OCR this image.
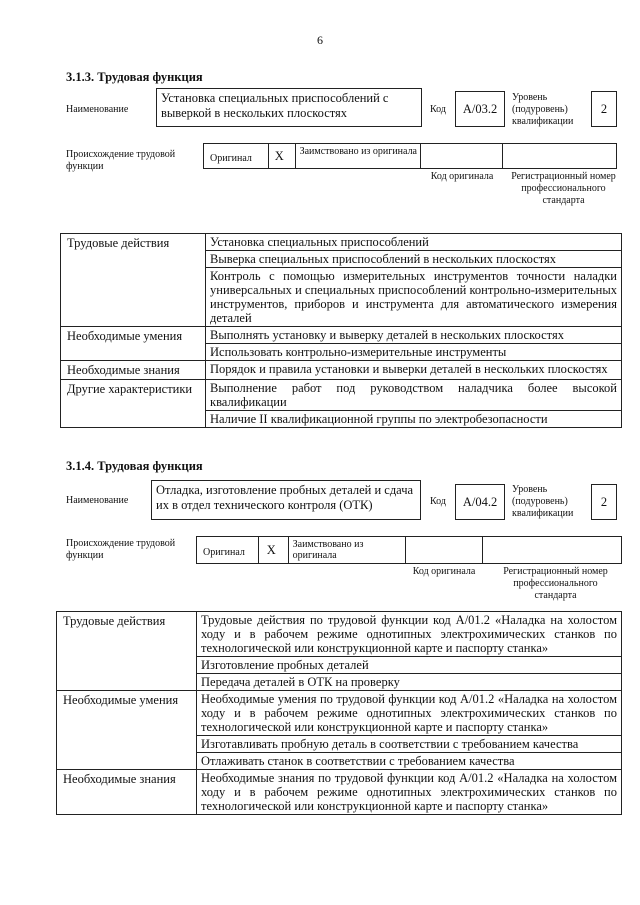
6
3.1.3. Трудовая функция
Наименование
Установка специальных приспособлений с выверкой в нескольких плоскостях	Код	А/03.2
Уровень (подуровень) квалификации
2
Происхождение трудовой функции
Оригинал	X	Заимствовано из оригинала
Код оригинала	Регистрационный номер профессионального стандарта
Трудовые действия	Установка специальных приспособлений
	Выверка специальных приспособлений в нескольких плоскостях
	Контроль с помощью измерительных инструментов точности наладки универсальных и специальных приспособлений контрольно-измерительных инструментов, приборов и инструмента для автоматического измерения деталей
Необходимые умения	Выполнять установку и выверку деталей в нескольких плоскостях
	Использовать контрольно-измерительные инструменты
Необходимые знания	Порядок и правила установки и выверки деталей в нескольких плоскостях
Другие характеристики	Выполнение работ под руководством наладчика более высокой квалификации
	Наличие II квалификационной группы по электробезопасности
3.1.4. Трудовая функция
Наименование
Отладка, изготовление пробных деталей и сдача их в отдел технического контроля (ОТК)	Код	А/04.2
Уровень (подуровень) квалификации
2
Происхождение трудовой функции	Оригинал	X	Заимствовано из оригинала
Код оригинала	Регистрационный номер профессионального стандарта
Трудовые действия	Трудовые действия по трудовой функции код А/01.2 «Наладка на холостом ходу и в рабочем режиме однотипных электрохимических станков по технологической или конструкционной карте и паспорту станка»
	Изготовление пробных деталей
	Передача деталей в ОТК на проверку
Необходимые умения	Необходимые умения по трудовой функции код А/01.2 «Наладка на холостом ходу и в рабочем режиме однотипных электрохимических станков по технологической или конструкционной карте и паспорту станка»
	Изготавливать пробную деталь в соответствии с требованием качества
	Отлаживать станок в соответствии с требованием качества
Необходимые знания	Необходимые знания по трудовой функции код А/01.2 «Наладка на холостом ходу и в рабочем режиме однотипных электрохимических станков по технологической или конструкционной карте и паспорту станка»
